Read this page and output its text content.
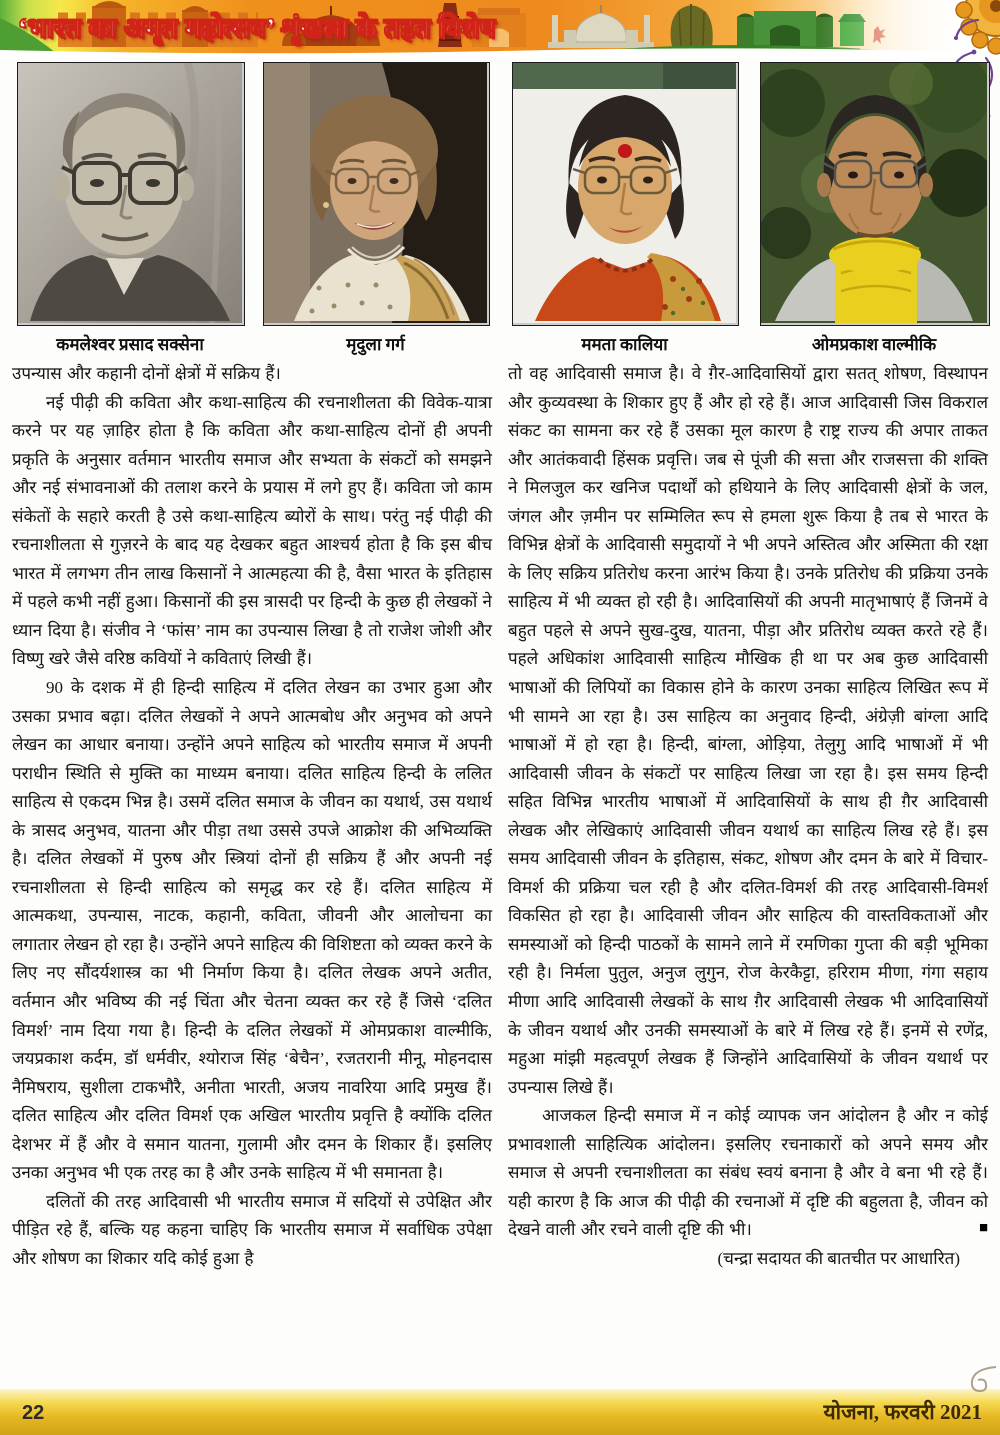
‘भारत का अमृत महोत्सव’ शृंखला के तहत विशेष
कमलेश्वर प्रसाद सक्सेना	मृदुला गर्ग	ममता कालिया	ओमप्रकाश वाल्मीकि

उपन्यास और कहानी दोनों क्षेत्रों में सक्रिय हैं।

नई पीढ़ी की कविता और कथा-साहित्य की रचनाशीलता की विवेक-यात्रा करने पर यह ज़ाहिर होता है कि कविता और कथा-साहित्य दोनों ही अपनी प्रकृति के अनुसार वर्तमान भारतीय समाज और सभ्यता के संकटों को समझने और नई संभावनाओं की तलाश करने के प्रयास में लगे हुए हैं। कविता जो काम संकेतों के सहारे करती है उसे कथा-साहित्य ब्योरों के साथ। परंतु नई पीढ़ी की रचनाशीलता से गुज़रने के बाद यह देखकर बहुत आश्चर्य होता है कि इस बीच भारत में लगभग तीन लाख किसानों ने आत्महत्या की है, वैसा भारत के इतिहास में पहले कभी नहीं हुआ। किसानों की इस त्रासदी पर हिन्दी के कुछ ही लेखकों ने ध्यान दिया है। संजीव ने ‘फांस’ नाम का उपन्यास लिखा है तो राजेश जोशी और विष्णु खरे जैसे वरिष्ठ कवियों ने कविताएं लिखी हैं।

90 के दशक में ही हिन्दी साहित्य में दलित लेखन का उभार हुआ और उसका प्रभाव बढ़ा। दलित लेखकों ने अपने आत्मबोध और अनुभव को अपने लेखन का आधार बनाया। उन्होंने अपने साहित्य को भारतीय समाज में अपनी पराधीन स्थिति से मुक्ति का माध्यम बनाया। दलित साहित्य हिन्दी के ललित साहित्य से एकदम भिन्न है। उसमें दलित समाज के जीवन का यथार्थ, उस यथार्थ के त्रासद अनुभव, यातना और पीड़ा तथा उससे उपजे आक्रोश की अभिव्यक्ति है। दलित लेखकों में पुरुष और स्त्रियां दोनों ही सक्रिय हैं और अपनी नई रचनाशीलता से हिन्दी साहित्य को समृद्ध कर रहे हैं। दलित साहित्य में आत्मकथा, उपन्यास, नाटक, कहानी, कविता, जीवनी और आलोचना का लगातार लेखन हो रहा है। उन्होंने अपने साहित्य की विशिष्टता को व्यक्त करने के लिए नए सौंदर्यशास्त्र का भी निर्माण किया है। दलित लेखक अपने अतीत, वर्तमान और भविष्य की नई चिंता और चेतना व्यक्त कर रहे हैं जिसे ‘दलित विमर्श’ नाम दिया गया है। हिन्दी के दलित लेखकों में ओमप्रकाश वाल्मीकि, जयप्रकाश कर्दम, डॉ धर्मवीर, श्योराज सिंह ‘बेचैन’, रजतरानी मीनू, मोहनदास नैमिषराय, सुशीला टाकभौरै, अनीता भारती, अजय नावरिया आदि प्रमुख हैं। दलित साहित्य और दलित विमर्श एक अखिल भारतीय प्रवृत्ति है क्योंकि दलित देशभर में हैं और वे समान यातना, गुलामी और दमन के शिकार हैं। इसलिए उनका अनुभव भी एक तरह का है और उनके साहित्य में भी समानता है।

दलितों की तरह आदिवासी भी भारतीय समाज में सदियों से उपेक्षित और पीड़ित रहे हैं, बल्कि यह कहना चाहिए कि भारतीय समाज में सर्वाधिक उपेक्षा और शोषण का शिकार यदि कोई हुआ है

तो वह आदिवासी समाज है। वे ग़ैर-आदिवासियों द्वारा सतत् शोषण, विस्थापन और कुव्यवस्था के शिकार हुए हैं और हो रहे हैं। आज आदिवासी जिस विकराल संकट का सामना कर रहे हैं उसका मूल कारण है राष्ट्र राज्य की अपार ताकत और आतंकवादी हिंसक प्रवृत्ति। जब से पूंजी की सत्ता और राजसत्ता की शक्ति ने मिलजुल कर खनिज पदार्थों को हथियाने के लिए आदिवासी क्षेत्रों के जल, जंगल और ज़मीन पर सम्मिलित रूप से हमला शुरू किया है तब से भारत के विभिन्न क्षेत्रों के आदिवासी समुदायों ने भी अपने अस्तित्व और अस्मिता की रक्षा के लिए सक्रिय प्रतिरोध करना आरंभ किया है। उनके प्रतिरोध की प्रक्रिया उनके साहित्य में भी व्यक्त हो रही है। आदिवासियों की अपनी मातृभाषाएं हैं जिनमें वे बहुत पहले से अपने सुख-दुख, यातना, पीड़ा और प्रतिरोध व्यक्त करते रहे हैं। पहले अधिकांश आदिवासी साहित्य मौखिक ही था पर अब कुछ आदिवासी भाषाओं की लिपियों का विकास होने के कारण उनका साहित्य लिखित रूप में भी सामने आ रहा है। उस साहित्य का अनुवाद हिन्दी, अंग्रेज़ी बांग्ला आदि भाषाओं में हो रहा है। हिन्दी, बांग्ला, ओड़िया, तेलुगु आदि भाषाओं में भी आदिवासी जीवन के संकटों पर साहित्य लिखा जा रहा है। इस समय हिन्दी सहित विभिन्न भारतीय भाषाओं में आदिवासियों के साथ ही ग़ैर आदिवासी लेखक और लेखिकाएं आदिवासी जीवन यथार्थ का साहित्य लिख रहे हैं। इस समय आदिवासी जीवन के इतिहास, संकट, शोषण और दमन के बारे में विचार-विमर्श की प्रक्रिया चल रही है और दलित-विमर्श की तरह आदिवासी-विमर्श विकसित हो रहा है। आदिवासी जीवन और साहित्य की वास्तविकताओं और समस्याओं को हिन्दी पाठकों के सामने लाने में रमणिका गुप्ता की बड़ी भूमिका रही है। निर्मला पुतुल, अनुज लुगुन, रोज केरकैट्टा, हरिराम मीणा, गंगा सहाय मीणा आदि आदिवासी लेखकों के साथ ग़ैर आदिवासी लेखक भी आदिवासियों के जीवन यथार्थ और उनकी समस्याओं के बारे में लिख रहे हैं। इनमें से रणेंद्र, महुआ मांझी महत्वपूर्ण लेखक हैं जिन्होंने आदिवासियों के जीवन यथार्थ पर उपन्यास लिखे हैं।

आजकल हिन्दी समाज में न कोई व्यापक जन आंदोलन है और न कोई प्रभावशाली साहित्यिक आंदोलन। इसलिए रचनाकारों को अपने समय और समाज से अपनी रचनाशीलता का संबंध स्वयं बनाना है और वे बना भी रहे हैं। यही कारण है कि आज की पीढ़ी की रचनाओं में दृष्टि की बहुलता है, जीवन को देखने वाली और रचने वाली दृष्टि की भी।	■

(चन्द्रा सदायत की बातचीत पर आधारित)

22	योजना, फरवरी 2021
